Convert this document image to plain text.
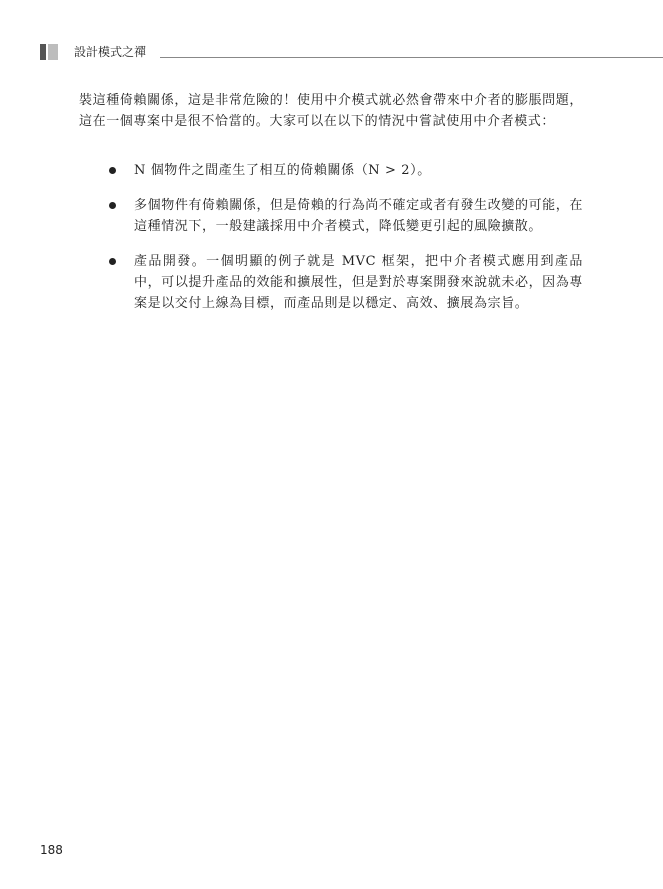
設計模式之禪

裝這種倚賴關係，這是非常危險的！使用中介模式就必然會帶來中介者的膨脹問題，這在一個專案中是很不恰當的。大家可以在以下的情況中嘗試使用中介者模式：

N 個物件之間產生了相互的倚賴關係（N > 2）。
多個物件有倚賴關係，但是倚賴的行為尚不確定或者有發生改變的可能，在這種情況下，一般建議採用中介者模式，降低變更引起的風險擴散。
產品開發。一個明顯的例子就是 MVC 框架，把中介者模式應用到產品中，可以提升產品的效能和擴展性，但是對於專案開發來說就未必，因為專案是以交付上線為目標，而產品則是以穩定、高效、擴展為宗旨。
188
